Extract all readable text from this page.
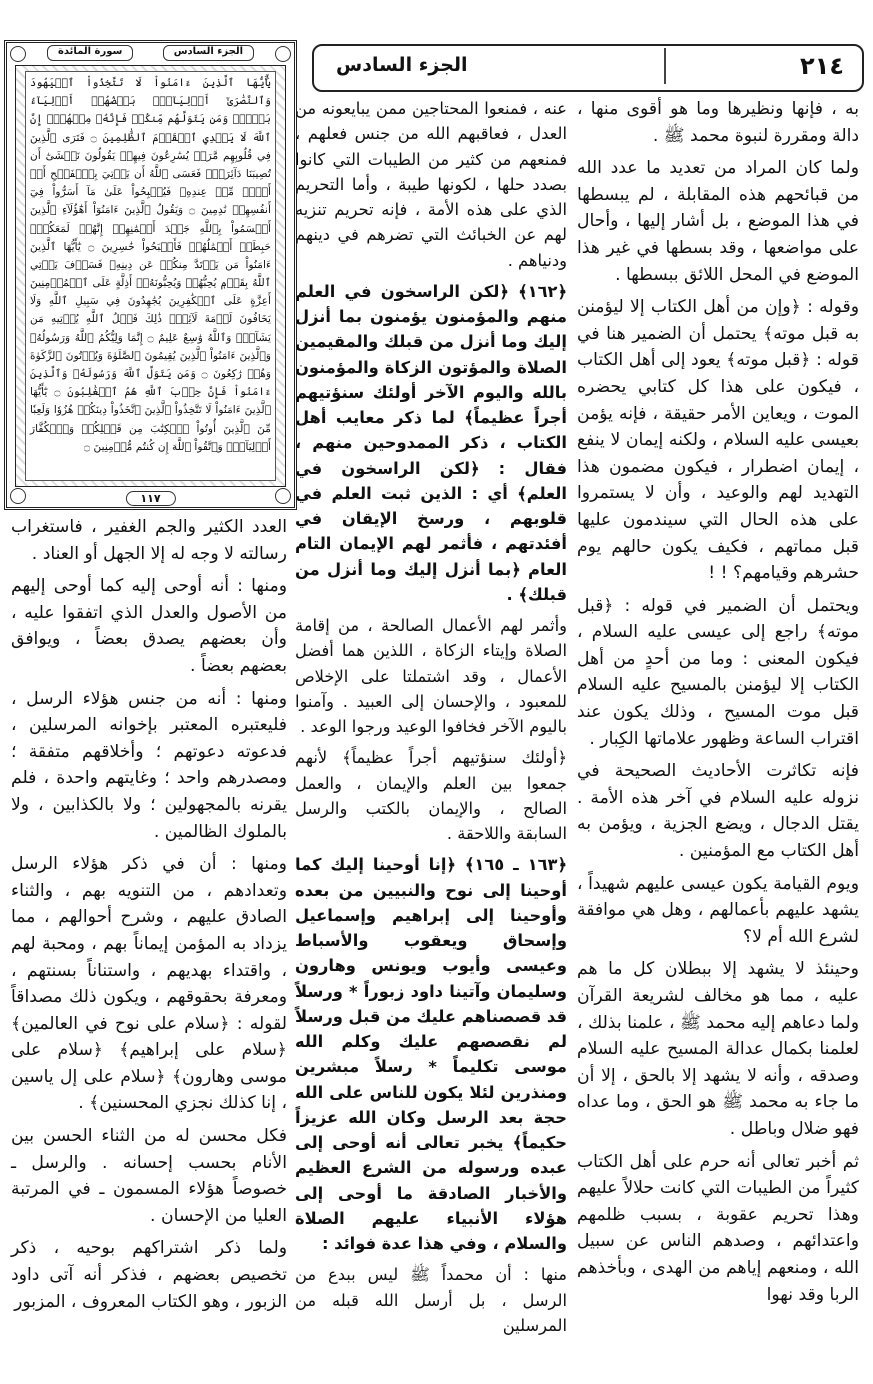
٢١٤
الجزء السادس
الجزء السادس
سورة المائدة
يَٰٓأَيُّهَا ٱلَّذِينَ ءَامَنُواْ لَا تَتَّخِذُواْ ٱلۡيَهُودَ وَٱلنَّصَٰرَىٰٓ أَوۡلِيَآءَۘ بَعۡضُهُمۡ أَوۡلِيَآءُ بَعۡضٖۚ وَمَن يَتَوَلَّهُم مِّنكُمۡ فَإِنَّهُۥ مِنۡهُمۡۗ إِنَّ ٱللَّهَ لَا يَهۡدِي ٱلۡقَوۡمَ ٱلظَّٰلِمِينَ ۝ فَتَرَى ٱلَّذِينَ فِي قُلُوبِهِم مَّرَضٞ يُسَٰرِعُونَ فِيهِمۡ يَقُولُونَ نَخۡشَىٰٓ أَن تُصِيبَنَا دَآئِرَةٞۚ فَعَسَى ٱللَّهُ أَن يَأۡتِيَ بِٱلۡفَتۡحِ أَوۡ أَمۡرٖ مِّنۡ عِندِهِۦ فَيُصۡبِحُواْ عَلَىٰ مَآ أَسَرُّواْ فِيٓ أَنفُسِهِمۡ نَٰدِمِينَ ۝ وَيَقُولُ ٱلَّذِينَ ءَامَنُوٓاْ أَهَٰٓؤُلَآءِ ٱلَّذِينَ أَقۡسَمُواْ بِٱللَّهِ جَهۡدَ أَيۡمَٰنِهِمۡ إِنَّهُمۡ لَمَعَكُمۡۚ حَبِطَتۡ أَعۡمَٰلُهُمۡ فَأَصۡبَحُواْ خَٰسِرِينَ ۝ يَٰٓأَيُّهَا ٱلَّذِينَ ءَامَنُواْ مَن يَرۡتَدَّ مِنكُمۡ عَن دِينِهِۦ فَسَوۡفَ يَأۡتِي ٱللَّهُ بِقَوۡمٖ يُحِبُّهُمۡ وَيُحِبُّونَهُۥٓ أَذِلَّةٍ عَلَى ٱلۡمُؤۡمِنِينَ أَعِزَّةٍ عَلَى ٱلۡكَٰفِرِينَ يُجَٰهِدُونَ فِي سَبِيلِ ٱللَّهِ وَلَا يَخَافُونَ لَوۡمَةَ لَآئِمٖۚ ذَٰلِكَ فَضۡلُ ٱللَّهِ يُؤۡتِيهِ مَن يَشَآءُۚ وَٱللَّهُ وَٰسِعٌ عَلِيمٌ ۝ إِنَّمَا وَلِيُّكُمُ ٱللَّهُ وَرَسُولُهُۥ وَٱلَّذِينَ ءَامَنُواْ ٱلَّذِينَ يُقِيمُونَ ٱلصَّلَوٰةَ وَيُؤۡتُونَ ٱلزَّكَوٰةَ وَهُمۡ رَٰكِعُونَ ۝ وَمَن يَتَوَلَّ ٱللَّهَ وَرَسُولَهُۥ وَٱلَّذِينَ ءَامَنُواْ فَإِنَّ حِزۡبَ ٱللَّهِ هُمُ ٱلۡغَٰلِبُونَ ۝ يَٰٓأَيُّهَا ٱلَّذِينَ ءَامَنُواْ لَا تَتَّخِذُواْ ٱلَّذِينَ ٱتَّخَذُواْ دِينَكُمۡ هُزُوٗا وَلَعِبٗا مِّنَ ٱلَّذِينَ أُوتُواْ ٱلۡكِتَٰبَ مِن قَبۡلِكُمۡ وَٱلۡكُفَّارَ أَوۡلِيَآءَۚ وَٱتَّقُواْ ٱللَّهَ إِن كُنتُم مُّؤۡمِنِينَ ۝
١١٧

به ، فإنها ونظيرها وما هو أقوى منها ، دالة ومقررة لنبوة محمد ﷺ .

ولما كان المراد من تعديد ما عدد الله من قبائحهم هذه المقابلة ، لم يبسطها في هذا الموضع ، بل أشار إليها ، وأحال على مواضعها ، وقد بسطها في غير هذا الموضع في المحل اللائق ببسطها .

وقوله : ﴿وإن من أهل الكتاب إلا ليؤمنن به قبل موته﴾ يحتمل أن الضمير هنا في قوله : ﴿قبل موته﴾ يعود إلى أهل الكتاب ، فيكون على هذا كل كتابي يحضره الموت ، ويعاين الأمر حقيقة ، فإنه يؤمن بعيسى عليه السلام ، ولكنه إيمان لا ينفع ، إيمان اضطرار ، فيكون مضمون هذا التهديد لهم والوعيد ، وأن لا يستمروا على هذه الحال التي سيندمون عليها قبل مماتهم ، فكيف يكون حالهم يوم حشرهم وقيامهم؟ ! !

ويحتمل أن الضمير في قوله : ﴿قبل موته﴾ راجع إلى عيسى عليه السلام ، فيكون المعنى : وما من أحدٍ من أهل الكتاب إلا ليؤمنن بالمسيح عليه السلام قبل موت المسيح ، وذلك يكون عند اقتراب الساعة وظهور علاماتها الكِبار .

فإنه تكاثرت الأحاديث الصحيحة في نزوله عليه السلام في آخر هذه الأمة . يقتل الدجال ، ويضع الجزية ، ويؤمن به أهل الكتاب مع المؤمنين .

ويوم القيامة يكون عيسى عليهم شهيداً ، يشهد عليهم بأعمالهم ، وهل هي موافقة لشرع الله أم لا؟

وحينئذ لا يشهد إلا ببطلان كل ما هم عليه ، مما هو مخالف لشريعة القرآن ولما دعاهم إليه محمد ﷺ ، علمنا بذلك ، لعلمنا بكمال عدالة المسيح عليه السلام وصدقه ، وأنه لا يشهد إلا بالحق ، إلا أن ما جاء به محمد ﷺ هو الحق ، وما عداه فهو ضلال وباطل .

ثم أخبر تعالى أنه حرم على أهل الكتاب كثيراً من الطيبات التي كانت حلالاً عليهم وهذا تحريم عقوبة ، بسبب ظلمهم واعتدائهم ، وصدهم الناس عن سبيل الله ، ومنعهم إياهم من الهدى ، وبأخذهم الربا وقد نهوا

عنه ، فمنعوا المحتاجين ممن يبايعونه من العدل ، فعاقبهم الله من جنس فعلهم ، فمنعهم من كثير من الطيبات التي كانوا بصدد حلها ، لكونها طيبة ، وأما التحريم الذي على هذه الأمة ، فإنه تحريم تنزيه لهم عن الخبائث التي تضرهم في دينهم ودنياهم .

﴿١٦٢﴾ ﴿لكن الراسخون في العلم منهم والمؤمنون يؤمنون بما أنزل إليك وما أنزل من قبلك والمقيمين الصلاة والمؤتون الزكاة والمؤمنون بالله واليوم الآخر أولئك سنؤتيهم أجراً عظيماً﴾ لما ذكر معايب أهل الكتاب ، ذكر الممدوحين منهم ، فقال : ﴿لكن الراسخون في العلم﴾ أي : الذين ثبت العلم في قلوبهم ، ورسخ الإيقان في أفئدتهم ، فأثمر لهم الإيمان التام العام ﴿بما أنزل إليك وما أنزل من قبلك﴾ .

وأثمر لهم الأعمال الصالحة ، من إقامة الصلاة وإيتاء الزكاة ، اللذين هما أفضل الأعمال ، وقد اشتملتا على الإخلاص للمعبود ، والإحسان إلى العبيد . وآمنوا باليوم الآخر فخافوا الوعيد ورجوا الوعد .

﴿أولئك سنؤتيهم أجراً عظيماً﴾ لأنهم جمعوا بين العلم والإيمان ، والعمل الصالح ، والإيمان بالكتب والرسل السابقة واللاحقة .

﴿١٦٣ ـ ١٦٥﴾ ﴿إنا أوحينا إليك كما أوحينا إلى نوح والنبيين من بعده وأوحينا إلى إبراهيم وإسماعيل وإسحاق ويعقوب والأسباط وعيسى وأيوب ويونس وهارون وسليمان وآتينا داود زبوراً * ورسلاً قد قصصناهم عليك من قبل ورسلاً لم نقصصهم عليك وكلم الله موسى تكليماً * رسلاً مبشرين ومنذرين لئلا يكون للناس على الله حجة بعد الرسل وكان الله عزيزاً حكيماً﴾ يخبر تعالى أنه أوحى إلى عبده ورسوله من الشرع العظيم والأخبار الصادقة ما أوحى إلى هؤلاء الأنبياء عليهم الصلاة والسلام ، وفي هذا عدة فوائد :

منها : أن محمداً ﷺ ليس ببدع من الرسل ، بل أرسل الله قبله من المرسلين

العدد الكثير والجم الغفير ، فاستغراب رسالته لا وجه له إلا الجهل أو العناد .

ومنها : أنه أوحى إليه كما أوحى إليهم من الأصول والعدل الذي اتفقوا عليه ، وأن بعضهم يصدق بعضاً ، ويوافق بعضهم بعضاً .

ومنها : أنه من جنس هؤلاء الرسل ، فليعتبره المعتبر بإخوانه المرسلين ، فدعوته دعوتهم ؛ وأخلاقهم متفقة ؛ ومصدرهم واحد ؛ وغايتهم واحدة ، فلم يقرنه بالمجهولين ؛ ولا بالكذابين ، ولا بالملوك الظالمين .

ومنها : أن في ذكر هؤلاء الرسل وتعدادهم ، من التنويه بهم ، والثناء الصادق عليهم ، وشرح أحوالهم ، مما يزداد به المؤمن إيماناً بهم ، ومحبة لهم ، واقتداء بهديهم ، واستناناً بسنتهم ، ومعرفة بحقوقهم ، ويكون ذلك مصداقاً لقوله : ﴿سلام على نوح في العالمين﴾ ﴿سلام على إبراهيم﴾ ﴿سلام على موسى وهارون﴾ ﴿سلام على إل ياسين ، إنا كذلك نجزي المحسنين﴾ .

فكل محسن له من الثناء الحسن بين الأنام بحسب إحسانه . والرسل ـ خصوصاً هؤلاء المسمون ـ في المرتبة العليا من الإحسان .

ولما ذكر اشتراكهم بوحيه ، ذكر تخصيص بعضهم ، فذكر أنه آتى داود الزبور ، وهو الكتاب المعروف ، المزبور
